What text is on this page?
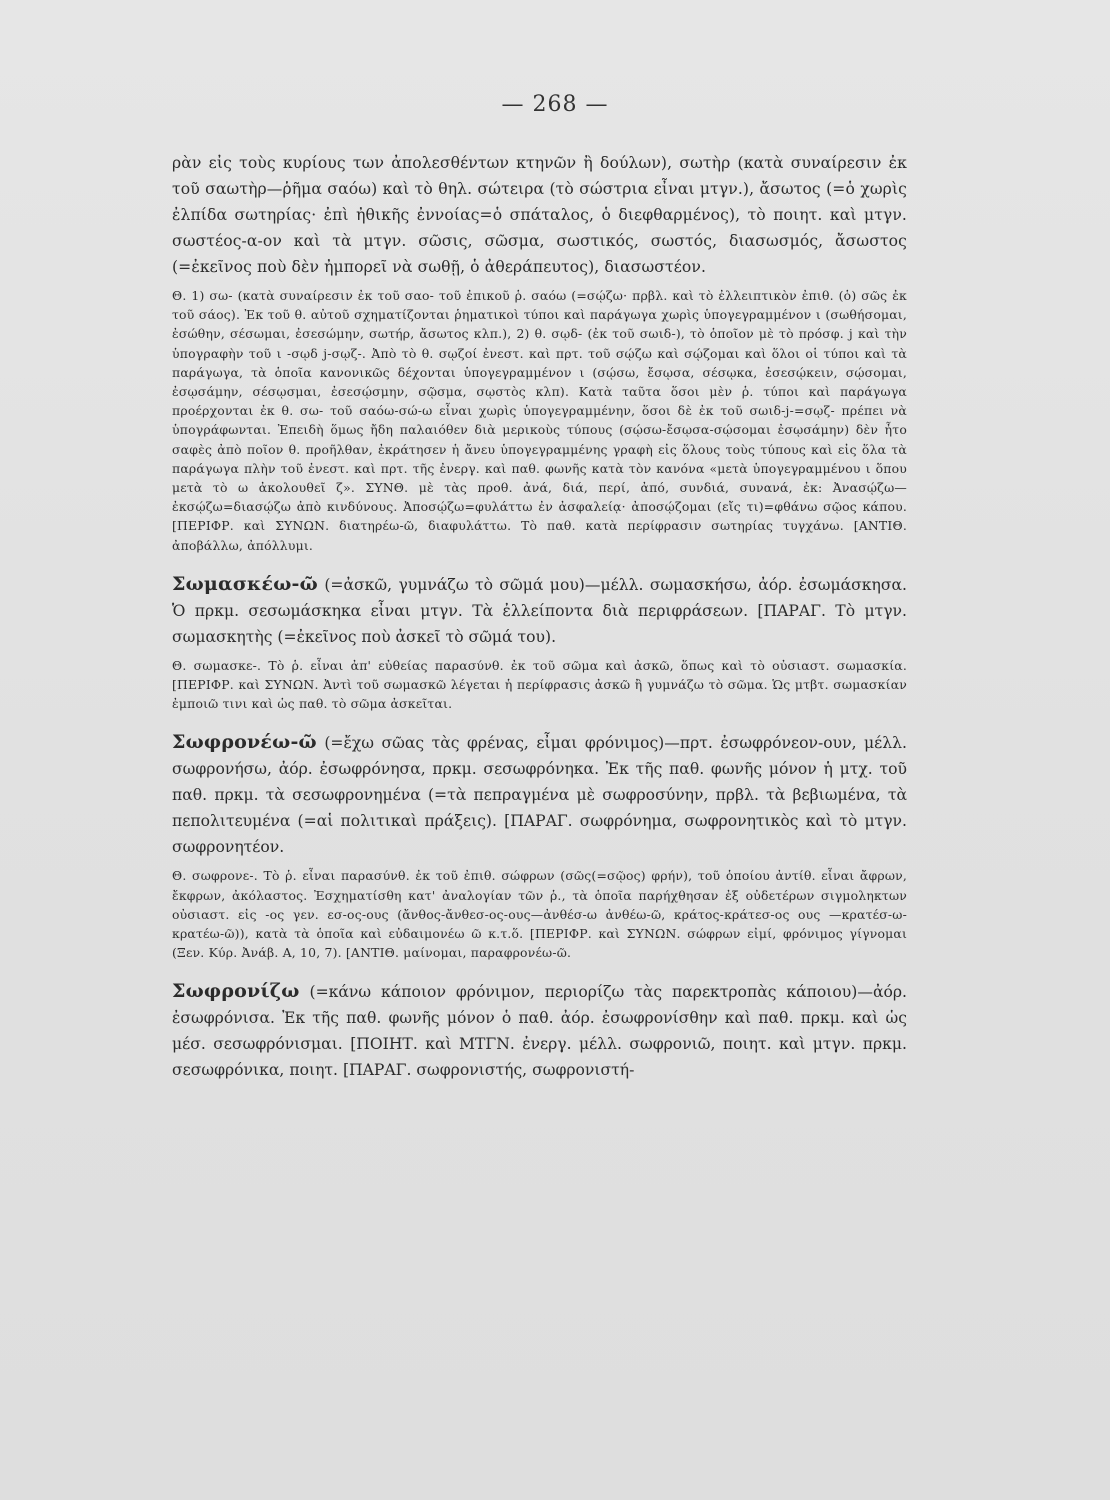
— 268 —

ρὰν εἰς τοὺς κυρίους των ἀπολεσθέντων κτηνῶν ἢ δούλων), σωτὴρ (κατὰ συναίρεσιν ἐκ τοῦ σαωτὴρ—ῥῆμα σαόω) καὶ τὸ θηλ. σώτειρα (τὸ σώστρια εἶναι μτγν.), ἄσωτος (=ὁ χωρὶς ἐλπίδα σωτηρίας· ἐπὶ ἠθικῆς ἐννοίας=ὁ σπάταλος, ὁ διεφθαρμένος), τὸ ποιητ. καὶ μτγν. σωστέος-α-ον καὶ τὰ μτγν. σῶσις, σῶσμα, σωστικός, σωστός, διασωσμός, ἄσωστος (=ἐκεῖνος ποὺ δὲν ἠμπορεῖ νὰ σωθῇ, ὁ ἀθεράπευτος), διασωστέον.

Θ. 1) σω- (κατὰ συναίρεσιν ἐκ τοῦ σαο- τοῦ ἐπικοῦ ῥ. σαόω (=σῴζω· πρβλ. καὶ τὸ ἐλλειπτικὸν ἐπιθ. (ὁ) σῶς ἐκ τοῦ σάος). Ἐκ τοῦ θ. αὐτοῦ σχηματίζονται ῥηματικοὶ τύποι καὶ παράγωγα χωρὶς ὑπογεγραμμένον ι (σωθήσομαι, ἐσώθην, σέσωμαι, ἐσεσώμην, σωτήρ, ἄσωτος κλπ.), 2) θ. σῳδ- (ἐκ τοῦ σωιδ-), τὸ ὁποῖον μὲ τὸ πρόσφ. j καὶ τὴν ὑπογραφὴν τοῦ ι -σῳδ j-σῳζ-. Ἀπὸ τὸ θ. σῳζοί ἐνεστ. καὶ πρτ. τοῦ σῴζω καὶ σῴζομαι καὶ ὅλοι οἱ τύποι καὶ τὰ παράγωγα, τὰ ὁποῖα κανονικῶς δέχονται ὑπογεγραμμένον ι (σῴσω, ἔσῳσα, σέσῳκα, ἐσεσῴκειν, σῴσομαι, ἐσῳσάμην, σέσῳσμαι, ἐσεσῴσμην, σῷσμα, σῳστὸς κλπ). Κατὰ ταῦτα ὅσοι μὲν ῥ. τύποι καὶ παράγωγα προέρχονται ἐκ θ. σω- τοῦ σαόω-σώ-ω εἶναι χωρὶς ὑπογεγραμμένην, ὅσοι δὲ ἐκ τοῦ σωιδ-j-=σῳζ- πρέπει νὰ ὑπογράφωνται. Ἐπειδὴ ὅμως ἤδη παλαιόθεν διὰ μερικοὺς τύπους (σῴσω-ἔσῳσα-σῴσομαι ἐσῳσάμην) δὲν ἦτο σαφὲς ἀπὸ ποῖον θ. προῆλθαν, ἐκράτησεν ἡ ἄνευ ὑπογεγραμμένης γραφὴ εἰς ὅλους τοὺς τύπους καὶ εἰς ὅλα τὰ παράγωγα πλὴν τοῦ ἐνεστ. καὶ πρτ. τῆς ἐνεργ. καὶ παθ. φωνῆς κατὰ τὸν κανόνα «μετὰ ὑπογεγραμμένου ι ὅπου μετὰ τὸ ω ἀκολουθεῖ ζ». ΣΥΝΘ. μὲ τὰς προθ. ἀνά, διά, περί, ἀπό, συνδιά, συνανά, ἐκ: Ἀνασῴζω—ἐκσῴζω=διασῴζω ἀπὸ κινδύνους. Ἀποσῴζω=φυλάττω ἐν ἀσφαλείᾳ· ἀποσῴζομαι (εἴς τι)=φθάνω σῷος κάπου. [ΠΕΡΙΦΡ. καὶ ΣΥΝΩΝ. διατηρέω-ῶ, διαφυλάττω. Τὸ παθ. κατὰ περίφρασιν σωτηρίας τυγχάνω. [ΑΝΤΙΘ. ἀποβάλλω, ἀπόλλυμι.

Σωμασκέω-ῶ (=ἀσκῶ, γυμνάζω τὸ σῶμά μου)—μέλλ. σωμασκήσω, ἀόρ. ἐσωμάσκησα. Ὁ πρκμ. σεσωμάσκηκα εἶναι μτγν. Τὰ ἐλλείποντα διὰ περιφράσεων. [ΠΑΡΑΓ. Τὸ μτγν. σωμασκητὴς (=ἐκεῖνος ποὺ ἀσκεῖ τὸ σῶμά του).

Θ. σωμασκε-. Τὸ ῥ. εἶναι ἀπ' εὐθείας παρασύνθ. ἐκ τοῦ σῶμα καὶ ἀσκῶ, ὅπως καὶ τὸ οὐσιαστ. σωμασκία. [ΠΕΡΙΦΡ. καὶ ΣΥΝΩΝ. Ἀντὶ τοῦ σωμασκῶ λέγεται ἡ περίφρασις ἀσκῶ ἢ γυμνάζω τὸ σῶμα. Ὡς μτβτ. σωμασκίαν ἐμποιῶ τινι καὶ ὡς παθ. τὸ σῶμα ἀσκεῖται.

Σωφρονέω-ῶ (=ἔχω σῶας τὰς φρένας, εἶμαι φρόνιμος)—πρτ. ἐσωφρόνεον-ουν, μέλλ. σωφρονήσω, ἀόρ. ἐσωφρόνησα, πρκμ. σεσωφρόνηκα. Ἐκ τῆς παθ. φωνῆς μόνον ἡ μτχ. τοῦ παθ. πρκμ. τὰ σεσωφρονημένα (=τὰ πεπραγμένα μὲ σωφροσύνην, πρβλ. τὰ βεβιωμένα, τὰ πεπολιτευμένα (=αἱ πολιτικαὶ πράξεις). [ΠΑΡΑΓ. σωφρόνημα, σωφρονητικὸς καὶ τὸ μτγν. σωφρονητέον.

Θ. σωφρονε-. Τὸ ῥ. εἶναι παρασύνθ. ἐκ τοῦ ἐπιθ. σώφρων (σῶς(=σῷος) φρήν), τοῦ ὁποίου ἀντίθ. εἶναι ἄφρων, ἔκφρων, ἀκόλαστος. Ἐσχηματίσθη κατ' ἀναλογίαν τῶν ῥ., τὰ ὁποῖα παρήχθησαν ἐξ οὐδετέρων σιγμοληκτων οὐσιαστ. εἰς -ος γεν. εσ-ος-ους (ἄνθος-ἄνθεσ-ος-ους—ἀνθέσ-ω ἀνθέω-ῶ, κράτος-κράτεσ-ος ους —κρατέσ-ω-κρατέω-ῶ)), κατὰ τὰ ὁποῖα καὶ εὐδαιμονέω ῶ κ.τ.ὅ. [ΠΕΡΙΦΡ. καὶ ΣΥΝΩΝ. σώφρων εἰμί, φρόνιμος γίγνομαι (Ξεν. Κύρ. Ἀνάβ. Α, 10, 7). [ΑΝΤΙΘ. μαίνομαι, παραφρονέω-ῶ.

Σωφρονίζω (=κάνω κάποιον φρόνιμον, περιορίζω τὰς παρεκτροπὰς κάποιου)—ἀόρ. ἐσωφρόνισα. Ἐκ τῆς παθ. φωνῆς μόνον ὁ παθ. ἀόρ. ἐσωφρονίσθην καὶ παθ. πρκμ. καὶ ὡς μέσ. σεσωφρόνισμαι. [ΠΟΙΗΤ. καὶ ΜΤΓΝ. ἐνεργ. μέλλ. σωφρονιῶ, ποιητ. καὶ μτγν. πρκμ. σεσωφρόνικα, ποιητ. [ΠΑΡΑΓ. σωφρονιστής, σωφρονιστή-
